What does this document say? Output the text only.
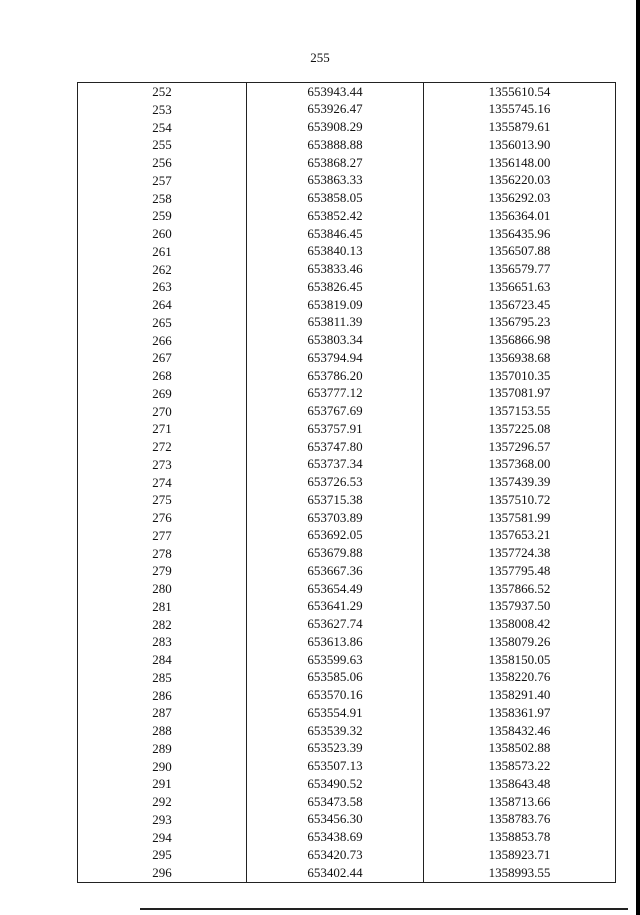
255
252	653943.44	1355610.54
253	653926.47	1355745.16
254	653908.29	1355879.61
255	653888.88	1356013.90
256	653868.27	1356148.00
257	653863.33	1356220.03
258	653858.05	1356292.03
259	653852.42	1356364.01
260	653846.45	1356435.96
261	653840.13	1356507.88
262	653833.46	1356579.77
263	653826.45	1356651.63
264	653819.09	1356723.45
265	653811.39	1356795.23
266	653803.34	1356866.98
267	653794.94	1356938.68
268	653786.20	1357010.35
269	653777.12	1357081.97
270	653767.69	1357153.55
271	653757.91	1357225.08
272	653747.80	1357296.57
273	653737.34	1357368.00
274	653726.53	1357439.39
275	653715.38	1357510.72
276	653703.89	1357581.99
277	653692.05	1357653.21
278	653679.88	1357724.38
279	653667.36	1357795.48
280	653654.49	1357866.52
281	653641.29	1357937.50
282	653627.74	1358008.42
283	653613.86	1358079.26
284	653599.63	1358150.05
285	653585.06	1358220.76
286	653570.16	1358291.40
287	653554.91	1358361.97
288	653539.32	1358432.46
289	653523.39	1358502.88
290	653507.13	1358573.22
291	653490.52	1358643.48
292	653473.58	1358713.66
293	653456.30	1358783.76
294	653438.69	1358853.78
295	653420.73	1358923.71
296	653402.44	1358993.55
